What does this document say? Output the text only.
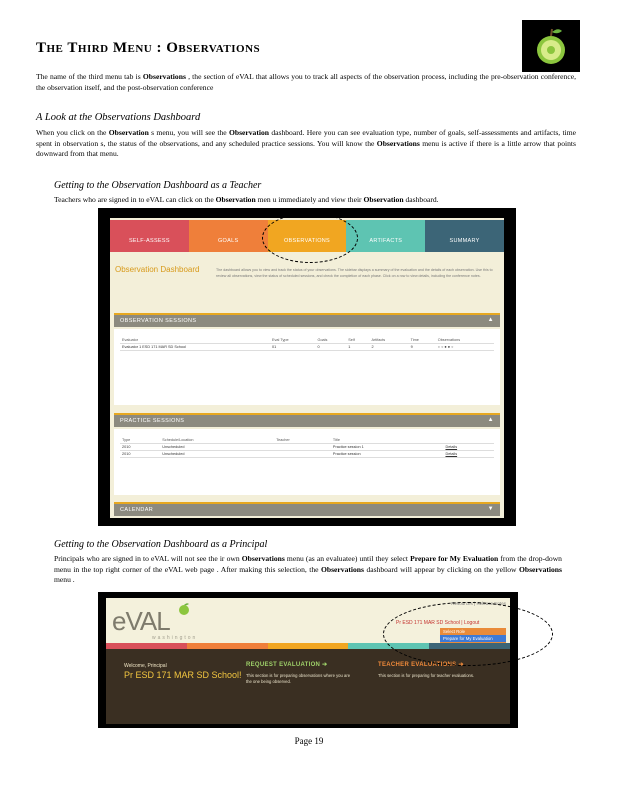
The Third Menu : Observations

The name of the third menu tab is Observations , the section of eVAL that allows you to track all aspects of the observation process, including the pre-observation conference, the observation itself, and the post-observation conference

A Look at the Observations Dashboard

When you click on the Observation s menu, you will see the Observation dashboard. Here you can see evaluation type, number of goals, self-assessments and artifacts, time spent in observation s, the status of the observations, and any scheduled practice sessions. You will know the Observations menu is active if there is a little arrow that points downward from that menu.

Getting to the Observation Dashboard as a Teacher

Teachers who are signed in to eVAL can click on the Observation men u immediately and view their Observation dashboard.

SELF-ASSESS	GOALS	OBSERVATIONS	ARTIFACTS	SUMMARY
Observation Dashboard	The dashboard allows you to view and track the status of your observations. The sidebar displays a summary of the evaluation and the details of each observation. Use this to review all observations, view the status of scheduled sessions, and check the completion of each phase. Click on a row to view details, including the conference notes.
OBSERVATION SESSIONS	▲
Evaluator	Eval Type	Goals	Self	Artifacts	Time	Observations
Evaluator 1 ESD 171 MAR SD School	01	0	1	2	9	○ ○ ● ● ○
PRACTICE SESSIONS	▲
Type	Schedule/Location	Teacher	Title	
2010	Unscheduled		Practice session 1	Details
2010	Unscheduled		Practice session	Details
CALENDAR	▼
Getting to the Observation Dashboard as a Principal

Principals who are signed in to eVAL will not see the ir own Observations menu (as an evaluatee) until they select Prepare for My Evaluation from the drop-down menu in the top right corner of the eVAL web page . After making this selection, the Observations dashboard will appear by clicking on the yellow Observations menu .

eVAL
washington
Resources | Release Notes
Pr ESD 171 MAR SD School | Logout
Select Role
Prepare for My Evaluation
Welcome, Principal
Pr ESD 171 MAR SD School!
REQUEST EVALUATION ➔
This section is for preparing observations where you are the one being observed.
TEACHER EVALUATIONS ➔
This section is for preparing for teacher evaluations.
Page 19
